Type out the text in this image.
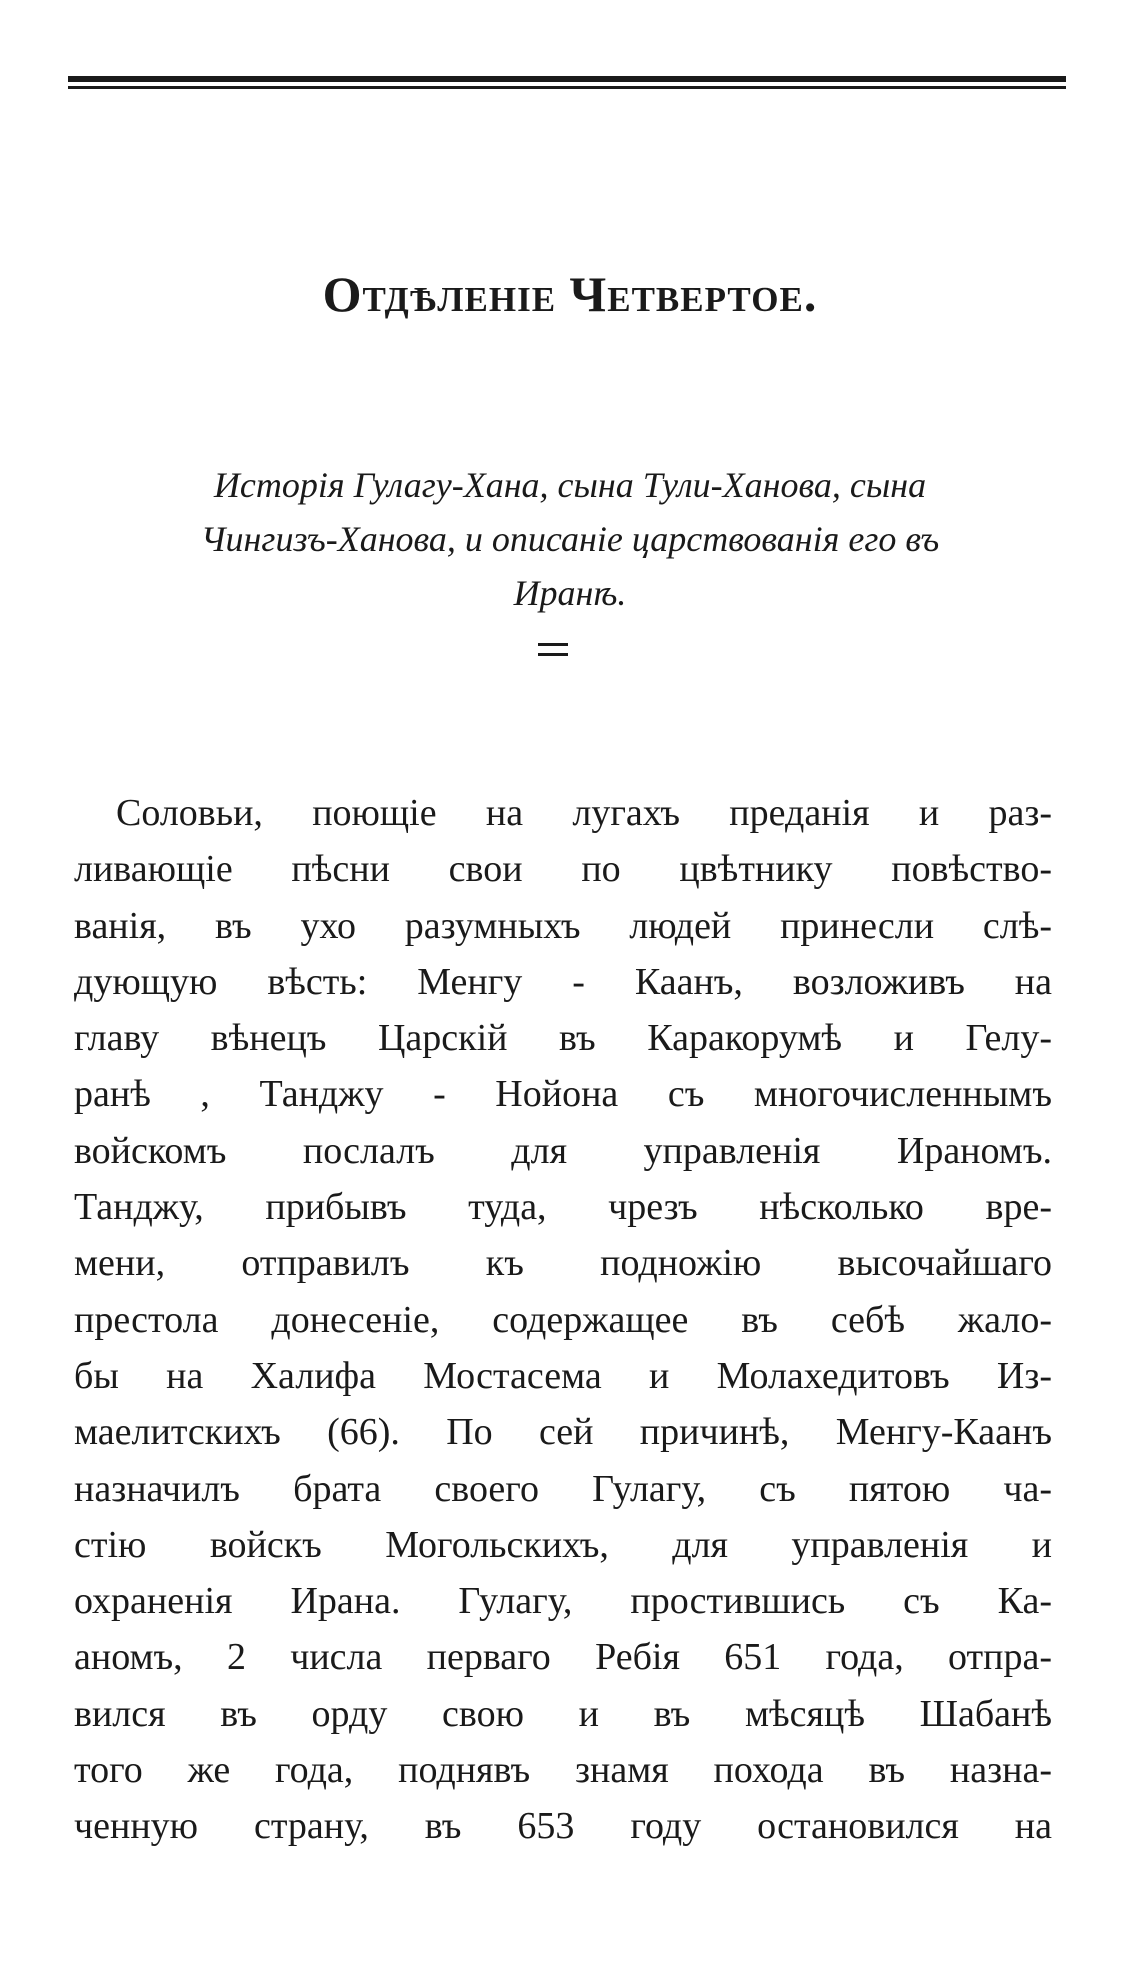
Отдѣленіе Четвертое.
Исторія Гулагу-Хана, сына Тули-Ханова, сына
Чингизъ-Ханова, и описаніе царствованія его въ
Иранѣ.
Соловьи, поющіе на лугахъ преданія и раз-
ливающіе пѣсни свои по цвѣтнику повѣство-
ванія, въ ухо разумныхъ людей принесли слѣ-
дующую вѣсть: Менгу - Каанъ, возложивъ на
главу вѣнецъ Царскій въ Каракорумѣ и Гелу-
ранѣ , Танджу - Нойона съ многочисленнымъ
войскомъ послалъ для управленія Ираномъ.
Танджу, прибывъ туда, чрезъ нѣсколько вре-
мени, отправилъ къ подножію высочайшаго
престола донесеніе, содержащее въ себѣ жало-
бы на Халифа Мостасема и Молахедитовъ Из-
маелитскихъ (66). По сей причинѣ, Менгу-Каанъ
назначилъ брата своего Гулагу, съ пятою ча-
стію войскъ Могольскихъ, для управленія и
охраненія Ирана. Гулагу, простившись съ Ка-
аномъ, 2 числа перваго Ребія 651 года, отпра-
вился въ орду свою и въ мѣсяцѣ Шабанѣ
того же года, поднявъ знамя похода въ назна-
ченную страну, въ 653 году остановился на
